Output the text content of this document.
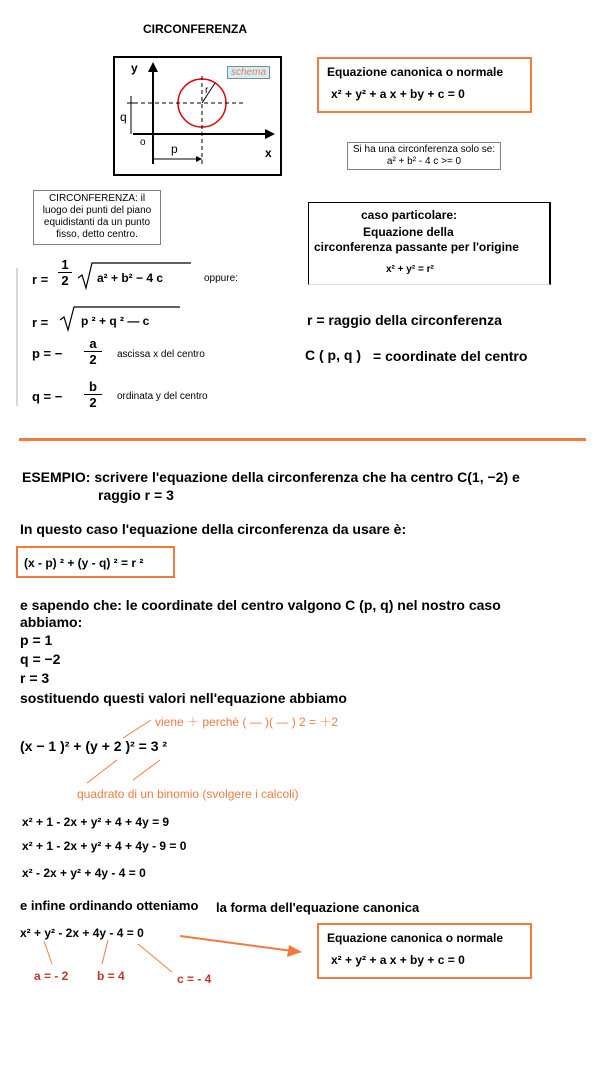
CIRCONFERENZA
y
x
o
r
q
p
schema	Equazione canonica o normale
x² + y² + a x + by + c = 0
Si ha una circonferenza solo se:
a² + b² - 4 c >= 0
CIRCONFERENZA: il
luogo dei punti del piano
equidistanti da un punto
fisso, detto centro.
caso particolare:
Equazione della
circonferenza passante per l'origine
x² + y² = r²
$r = \frac{1}{2} a^2 + b^2 - 4$ c	oppure:
r =	p ² + q ² — c
p = − $\frac{a}{2}$ ascissa x del centro
q = − $\frac{b}{2}$ ordinata y del centro
r = raggio della circonferenza
C ( p, q ) = coordinate del centro
ESEMPIO: scrivere l'equazione della circonferenza che ha centro C(1, −2) e
raggio r = 3
In questo caso l'equazione della circonferenza da usare è:
(x - p) ² + (y - q) ² = r ²
e sapendo che: le coordinate del centro valgono C (p, q) nel nostro caso
abbiamo:
p = 1
q = −2
r = 3
sostituendo questi valori nell'equazione abbiamo
viene ＋ perchè ( — )( — ) 2 = ＋2
(x − 1 )² + (y + 2 )² = 3 ²
quadrato di un binomio (svolgere i calcoli)
x² + 1 - 2x + y² + 4 + 4y = 9
x² + 1 - 2x + y² + 4 + 4y - 9 = 0
x² - 2x + y² + 4y - 4 = 0
e infine ordinando otteniamo la forma dell'equazione canonica
x² + y² - 2x + 4y - 4 = 0
a = - 2 b = 4	c = - 4
Equazione canonica o normale
x² + y² + a x + by + c = 0
